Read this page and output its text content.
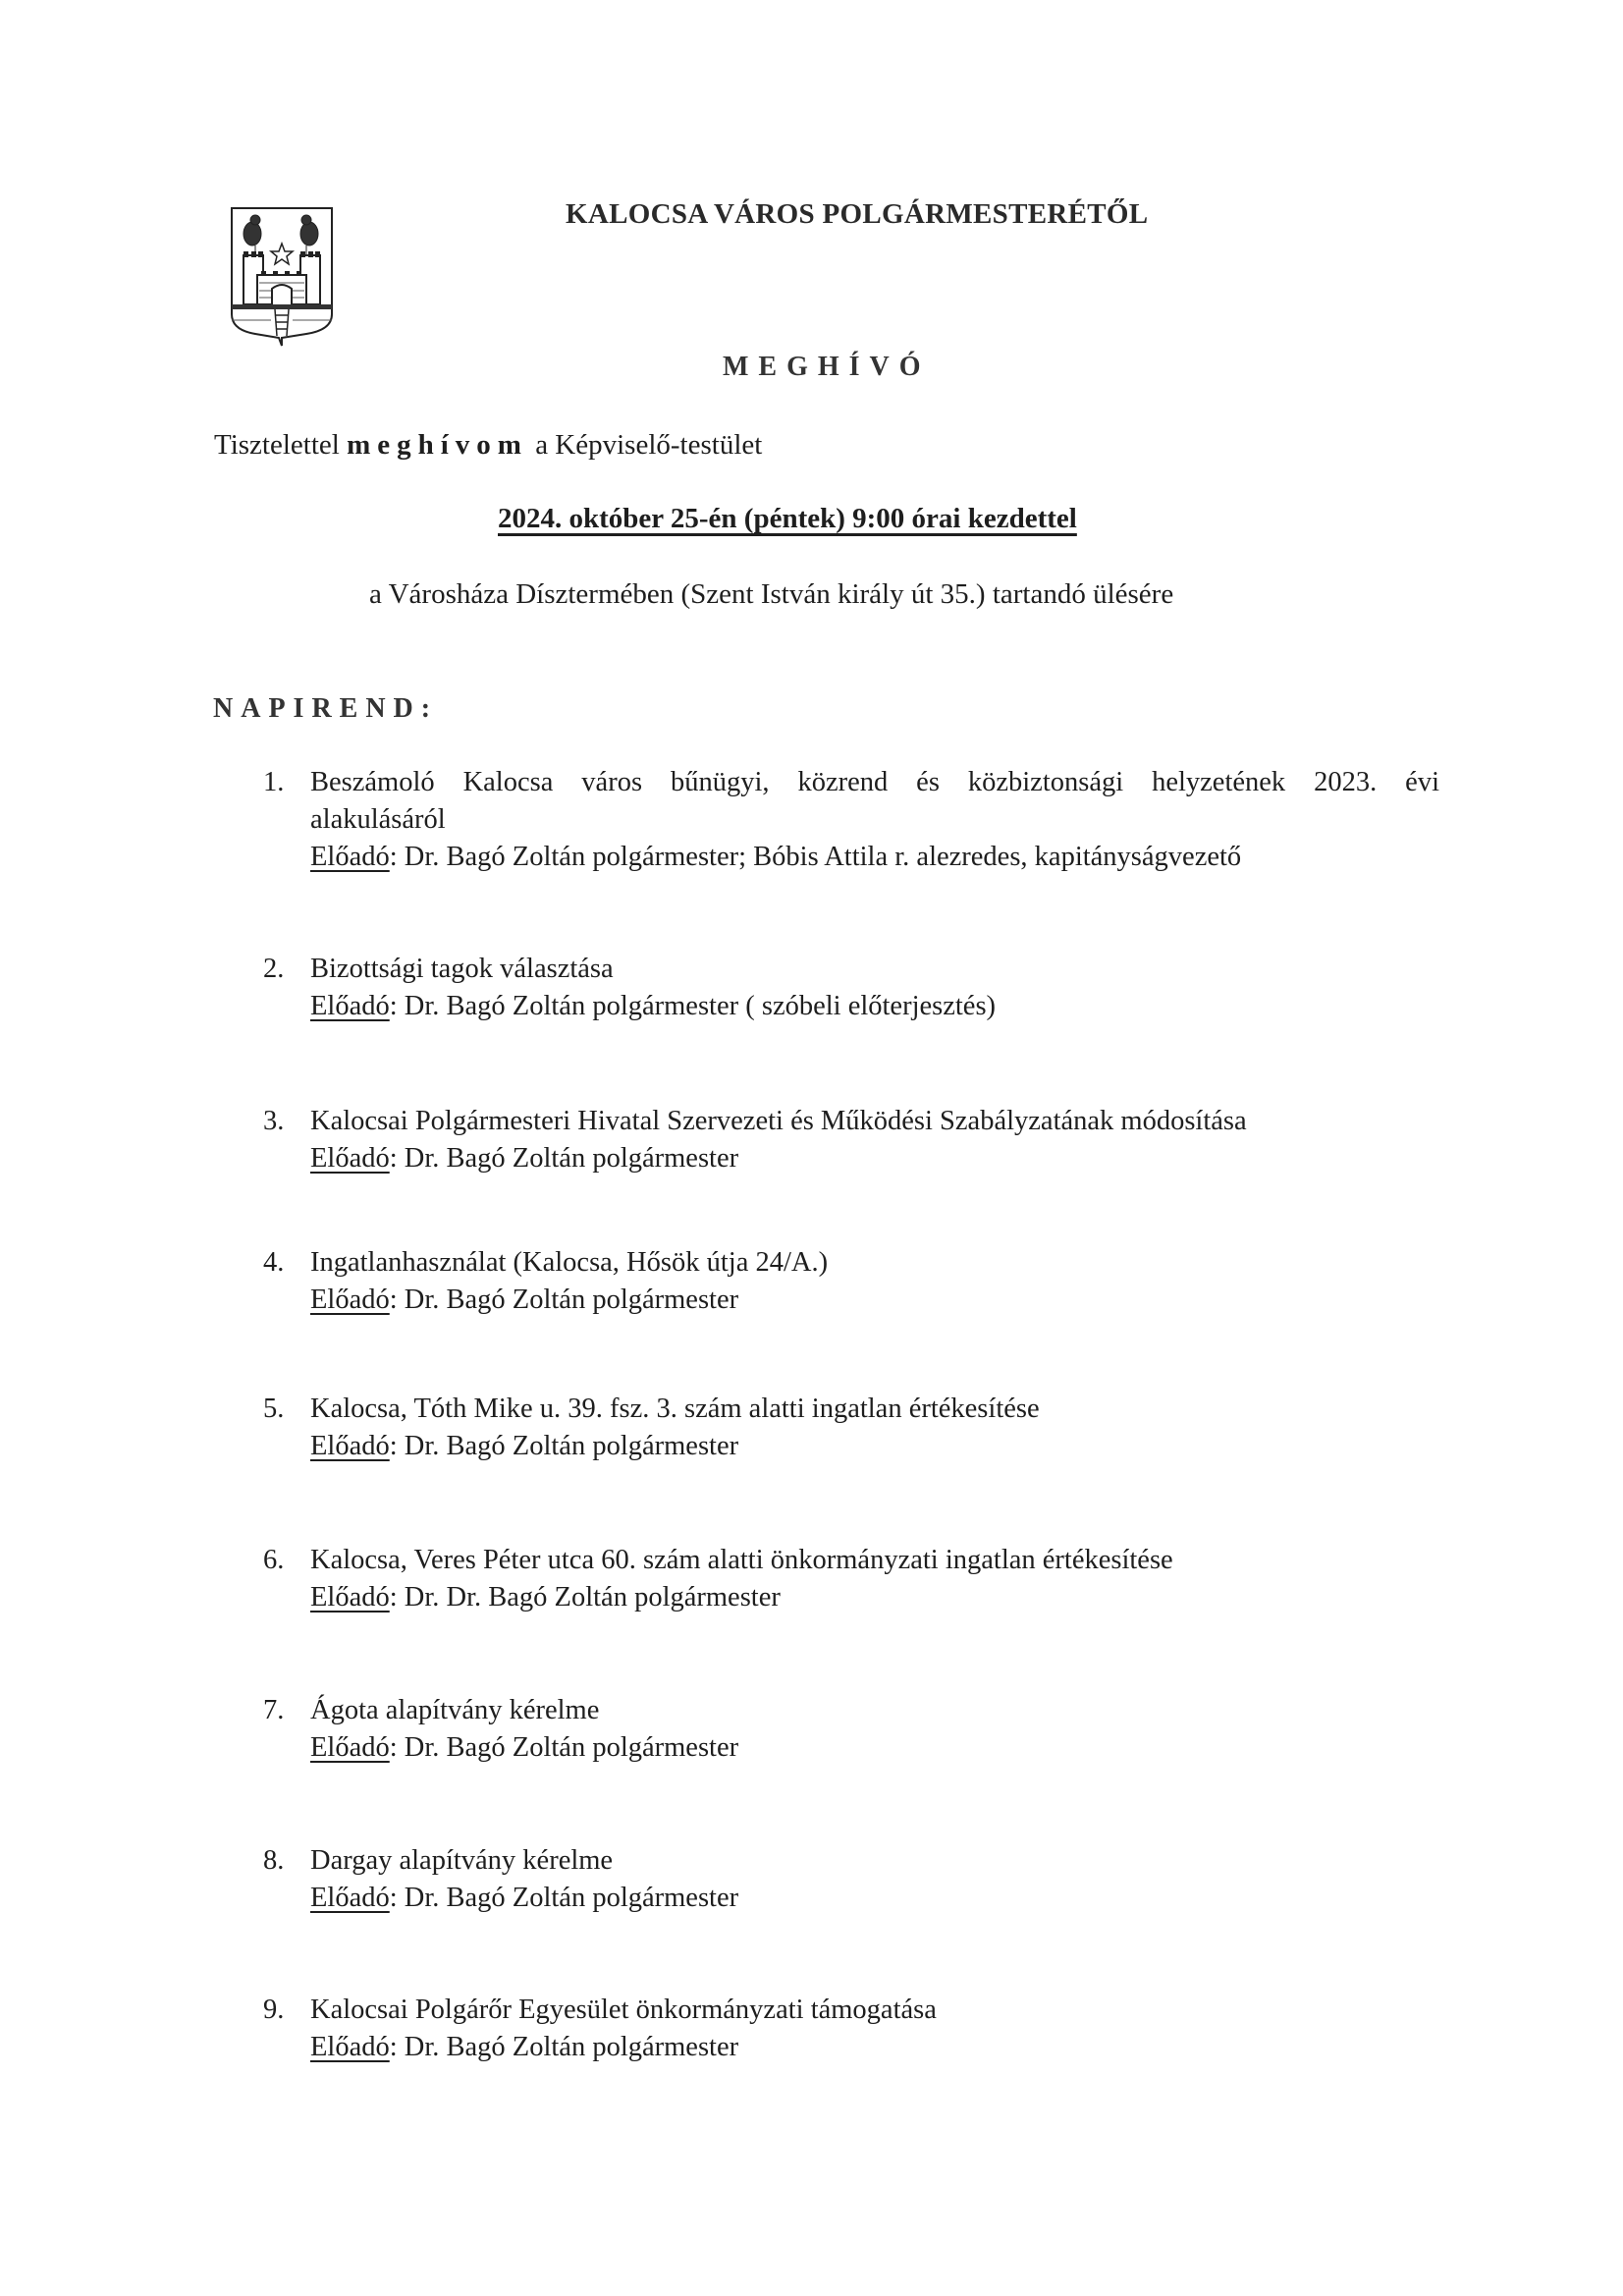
KALOCSA VÁROS POLGÁRMESTERÉTŐL
MEGHÍVÓ
Tisztelettel meghívom a Képviselő-testület
2024. október 25-én (péntek) 9:00 órai kezdettel
a Városháza Dísztermében (Szent István király út 35.) tartandó ülésére
NAPIREND:
1. Beszámoló Kalocsa város bűnügyi, közrend és közbiztonsági helyzetének 2023. évi
alakulásáról
Előadó: Dr. Bagó Zoltán polgármester; Bóbis Attila r. alezredes, kapitányságvezető
2. Bizottsági tagok választása
Előadó: Dr. Bagó Zoltán polgármester ( szóbeli előterjesztés)
3. Kalocsai Polgármesteri Hivatal Szervezeti és Működési Szabályzatának módosítása
Előadó: Dr. Bagó Zoltán polgármester
4. Ingatlanhasználat (Kalocsa, Hősök útja 24/A.)
Előadó: Dr. Bagó Zoltán polgármester
5. Kalocsa, Tóth Mike u. 39. fsz. 3. szám alatti ingatlan értékesítése
Előadó: Dr. Bagó Zoltán polgármester
6. Kalocsa, Veres Péter utca 60. szám alatti önkormányzati ingatlan értékesítése
Előadó: Dr. Dr. Bagó Zoltán polgármester
7. Ágota alapítvány kérelme
Előadó: Dr. Bagó Zoltán polgármester
8. Dargay alapítvány kérelme
Előadó: Dr. Bagó Zoltán polgármester
9. Kalocsai Polgárőr Egyesület önkormányzati támogatása
Előadó: Dr. Bagó Zoltán polgármester
